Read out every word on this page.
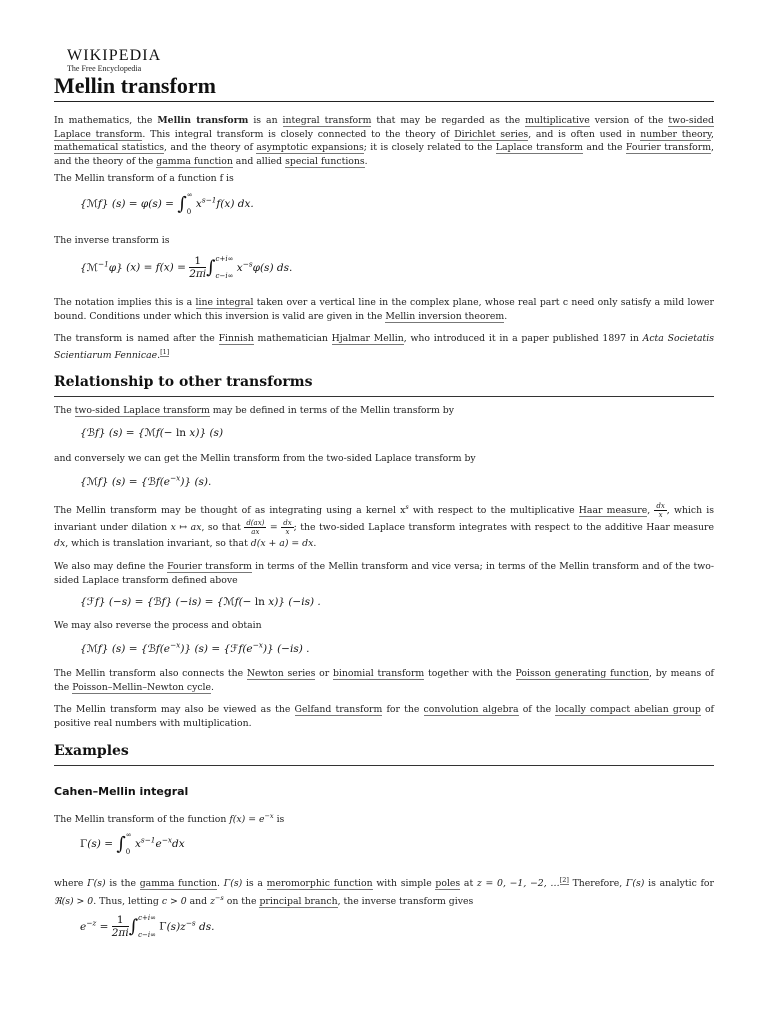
WIKIPEDIA
The Free Encyclopedia
Mellin transform

In mathematics, the Mellin transform is an integral transform that may be regarded as the multiplicative version of the two-sided Laplace transform. This integral transform is closely connected to the theory of Dirichlet series, and is often used in number theory, mathematical statistics, and the theory of asymptotic expansions; it is closely related to the Laplace transform and the Fourier transform, and the theory of the gamma function and allied special functions.

The Mellin transform of a function f is

{ℳf} (s) = φ(s) = ∫ ∞
0
$x^{s-1}f(x)$ dx.

The inverse transform is

{ℳ$^{-1}$φ} $(x) = f(x) = \frac{1}{2\pi i}$ ∫ c+i∞
c−i∞
$x^{-s}\varphi(s)$ ds.

The notation implies this is a line integral taken over a vertical line in the complex plane, whose real part c need only satisfy a mild lower bound. Conditions under which this inversion is valid are given in the Mellin inversion theorem.

The transform is named after the Finnish mathematician Hjalmar Mellin, who introduced it in a paper published 1897 in Acta Societatis Scientiarum Fennicae.[1]

Relationship to other transforms

The two-sided Laplace transform may be defined in terms of the Mellin transform by

{ℬf} (s) = {ℳf(− ln x)} (s)

and conversely we can get the Mellin transform from the two-sided Laplace transform by

{ℳf} $(s) = \{ℬf(e^{-x})\}$ (s).

The Mellin transform may be thought of as integrating using a kernel $x^s$ with respect to the multiplicative Haar measure, $\frac{dx}{x}$ , which is invariant under dilation x ↦ ax, so that $\frac{d(ax)}{ax} = \frac{dx}{x}$ ; the two-sided Laplace transform integrates with respect to the additive Haar measure dx, which is translation invariant, so that d(x + a) = dx.

We also may define the Fourier transform in terms of the Mellin transform and vice versa; in terms of the Mellin transform and of the two-sided Laplace transform defined above

{ℱf} (−s) = {ℬf} (−is) = {ℳf(− ln x)} (−is) .

We may also reverse the process and obtain

{ℳf} $(s) = \{ℬf(e^{-x})\} (s)$ = $\{ℱf(e^{-x})\}$ (−is) .

The Mellin transform also connects the Newton series or binomial transform together with the Poisson generating function, by means of the Poisson–Mellin–Newton cycle.

The Mellin transform may also be viewed as the Gelfand transform for the convolution algebra of the locally compact abelian group of positive real numbers with multiplication.

Examples
Cahen–Mellin integral

The Mellin transform of the function $f(x) = e^{-x}$ is

Γ(s) = ∫ ∞
0
$x^{s-1}e^{-x}dx$

where Γ(s) is the gamma function. Γ(s) is a meromorphic function with simple poles at z = 0, −1, −2, …[2] Therefore, Γ(s) is analytic for ℜ(s) > 0. Thus, letting c > 0 and $z^{-s}$ on the principal branch, the inverse transform gives

$e^{-z} = \frac{1}{2\pi i}$ ∫ c+i∞
c−i∞
$\Gamma(s)z^{-s}$ ds.
